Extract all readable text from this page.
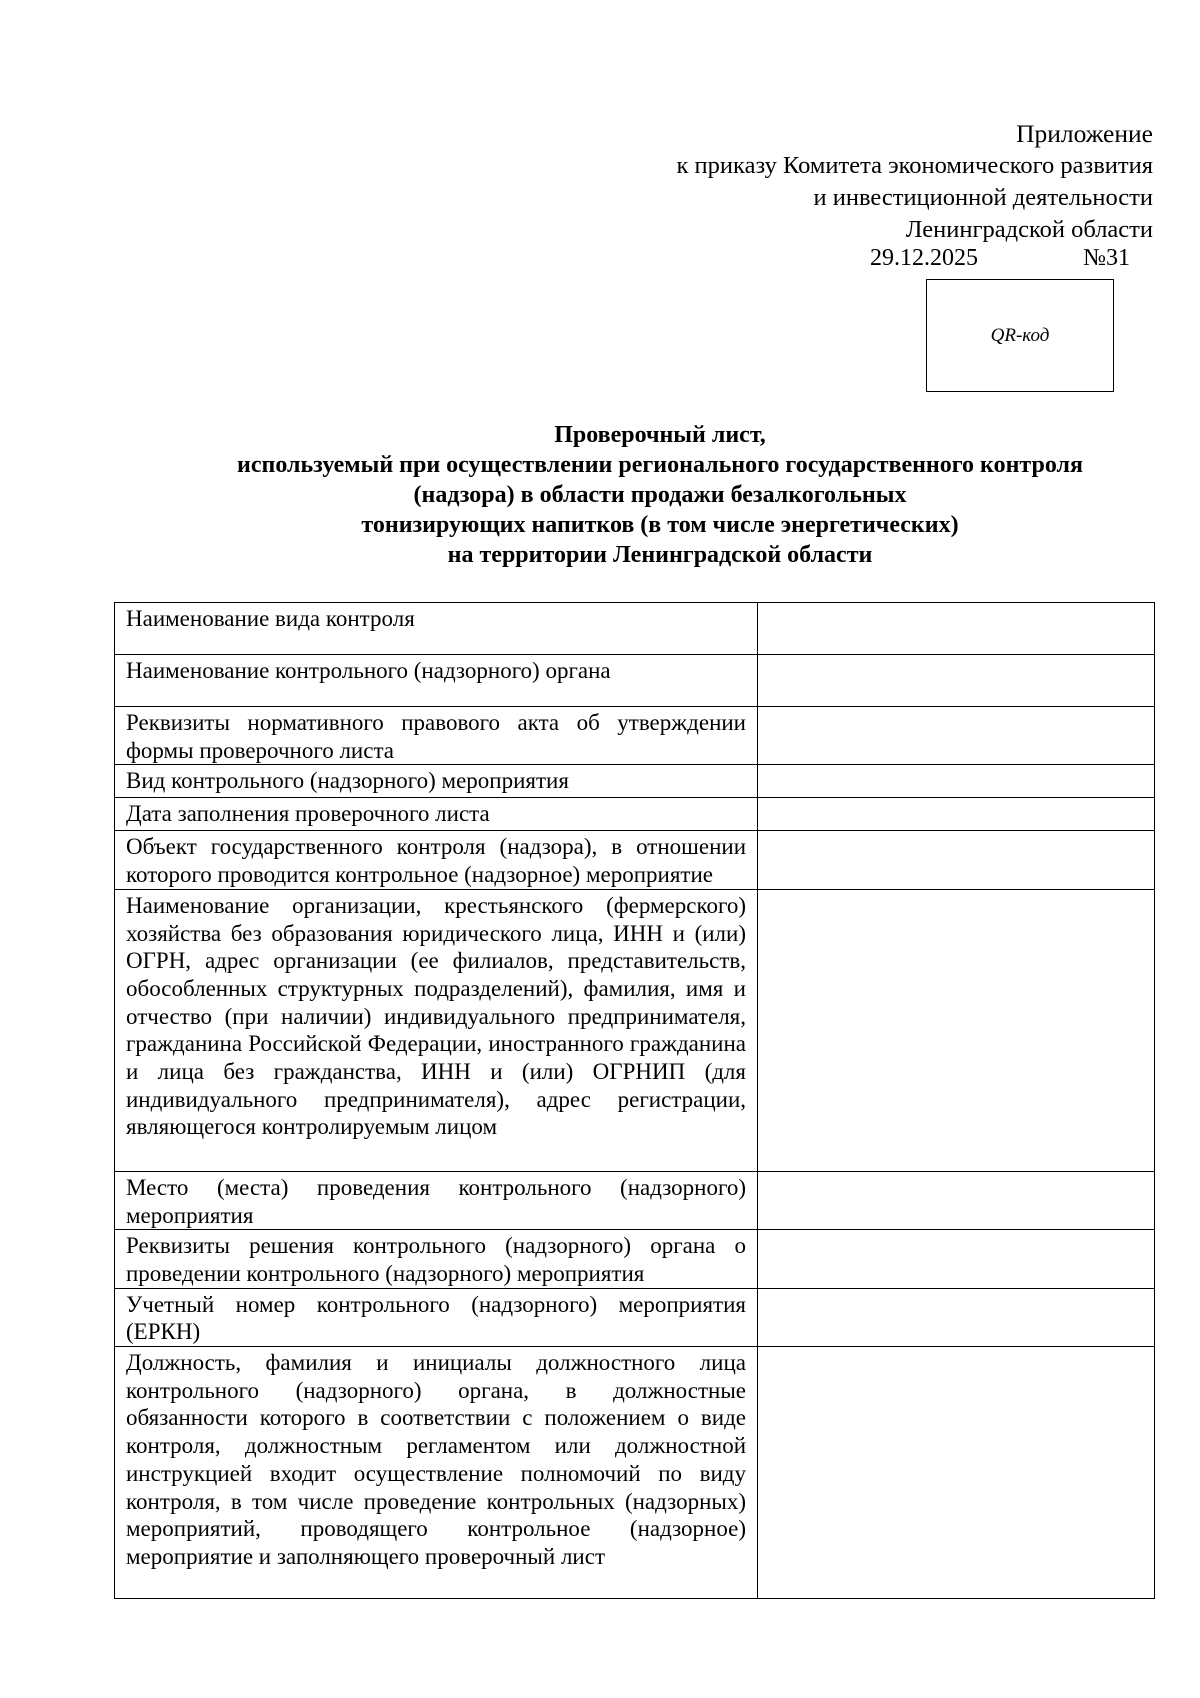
Приложение
к приказу Комитета экономического развития
и инвестиционной деятельности
Ленинградской области
29.12.2025	№31
QR-код
Проверочный лист,
используемый при осуществлении регионального государственного контроля
(надзора) в области продажи безалкогольных
тонизирующих напитков (в том числе энергетических)
на территории Ленинградской области
Наименование вида контроля	
Наименование контрольного (надзорного) органа	
Реквизиты нормативного правового акта об утверждении формы проверочного листа	
Вид контрольного (надзорного) мероприятия	
Дата заполнения проверочного листа	
Объект государственного контроля (надзора), в отношении которого проводится контрольное (надзорное) мероприятие	
Наименование организации, крестьянского (фермерского) хозяйства без образования юридического лица, ИНН и (или) ОГРН, адрес организации (ее филиалов, представительств, обособленных структурных подразделений), фамилия, имя и отчество (при наличии) индивидуального предпринимателя, гражданина Российской Федерации, иностранного гражданина и лица без гражданства, ИНН и (или) ОГРНИП (для индивидуального предпринимателя), адрес регистрации, являющегося контролируемым лицом	
Место (места) проведения контрольного (надзорного) мероприятия	
Реквизиты решения контрольного (надзорного) органа о проведении контрольного (надзорного) мероприятия	
Учетный номер контрольного (надзорного) мероприятия (ЕРКН)	
Должность, фамилия и инициалы должностного лица контрольного (надзорного) органа, в должностные обязанности которого в соответствии с положением о виде контроля, должностным регламентом или должностной инструкцией входит осуществление полномочий по виду контроля, в том числе проведение контрольных (надзорных) мероприятий, проводящего контрольное (надзорное) мероприятие и заполняющего проверочный лист	
